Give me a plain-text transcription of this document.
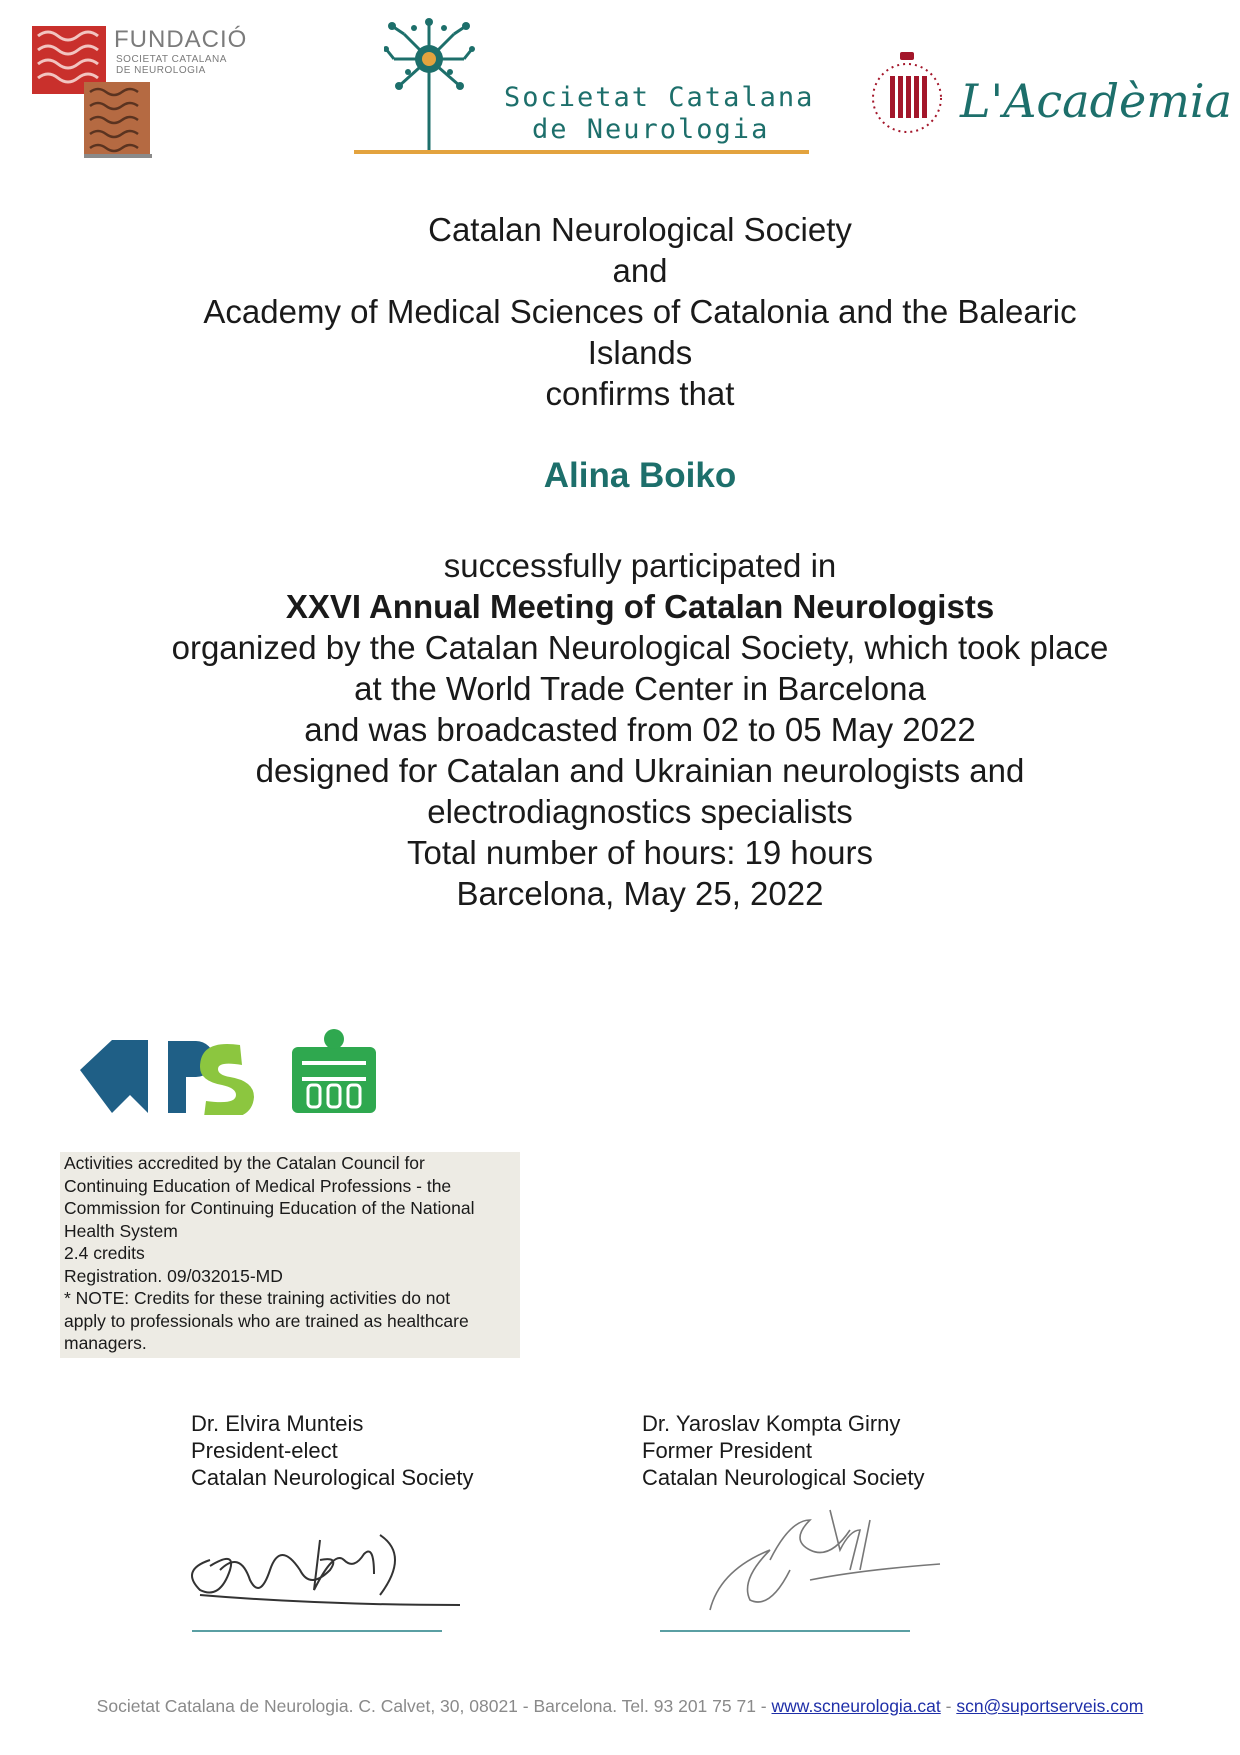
FUNDACIÓ
SOCIETAT CATALANA
DE NEUROLOGIA
Societat Catalana
de Neurologia
L'Acadèmia
Catalan Neurological Society
and
Academy of Medical Sciences of Catalonia and the Balearic
Islands
confirms that
Alina Boiko
successfully participated in
XXVI Annual Meeting of Catalan Neurologists
organized by the Catalan Neurological Society, which took place
at the World Trade Center in Barcelona
and was broadcasted from 02 to 05 May 2022
designed for Catalan and Ukrainian neurologists and
electrodiagnostics specialists
Total number of hours: 19 hours
Barcelona, May 25, 2022
Activities accredited by the Catalan Council for
Continuing Education of Medical Professions - the
Commission for Continuing Education of the National
Health System
2.4 credits
Registration. 09/032015-MD
* NOTE: Credits for these training activities do not
apply to professionals who are trained as healthcare
managers.
Dr. Elvira Munteis
President-elect
Catalan Neurological Society
Dr. Yaroslav Kompta Girny
Former President
Catalan Neurological Society
Societat Catalana de Neurologia. C. Calvet, 30, 08021 - Barcelona. Tel. 93 201 75 71 - www.scneurologia.cat - scn@suportserveis.com
